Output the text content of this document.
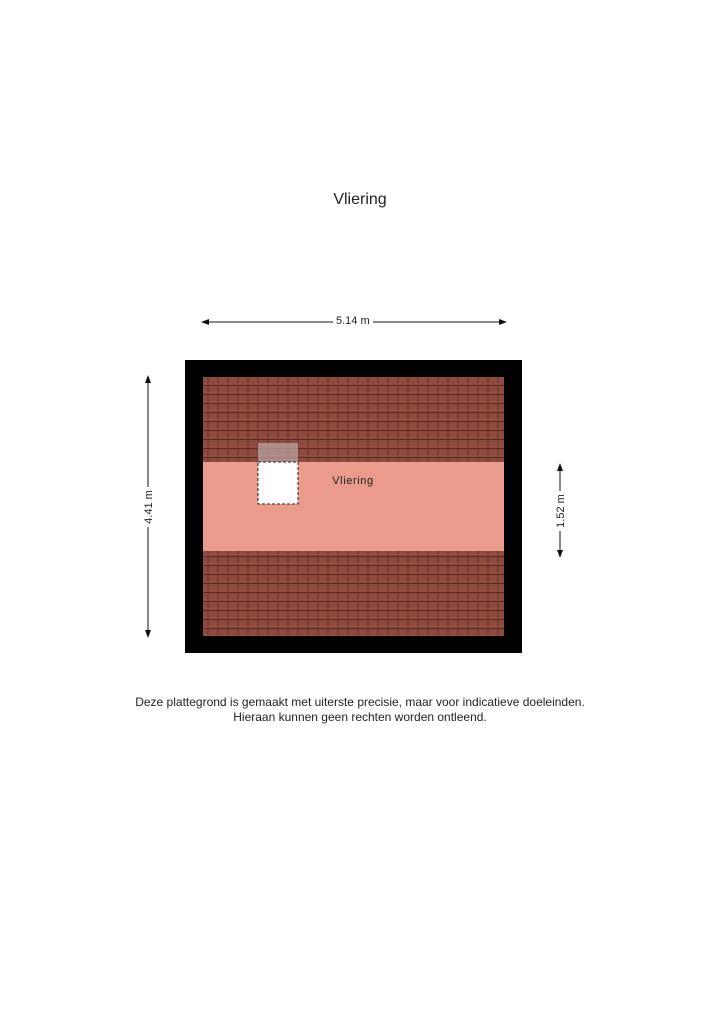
Vliering
Vliering
4.41 m	1.52 m
5.14 m
Deze plattegrond is gemaakt met uiterste precisie, maar voor indicatieve doeleinden.
Hieraan kunnen geen rechten worden ontleend.
